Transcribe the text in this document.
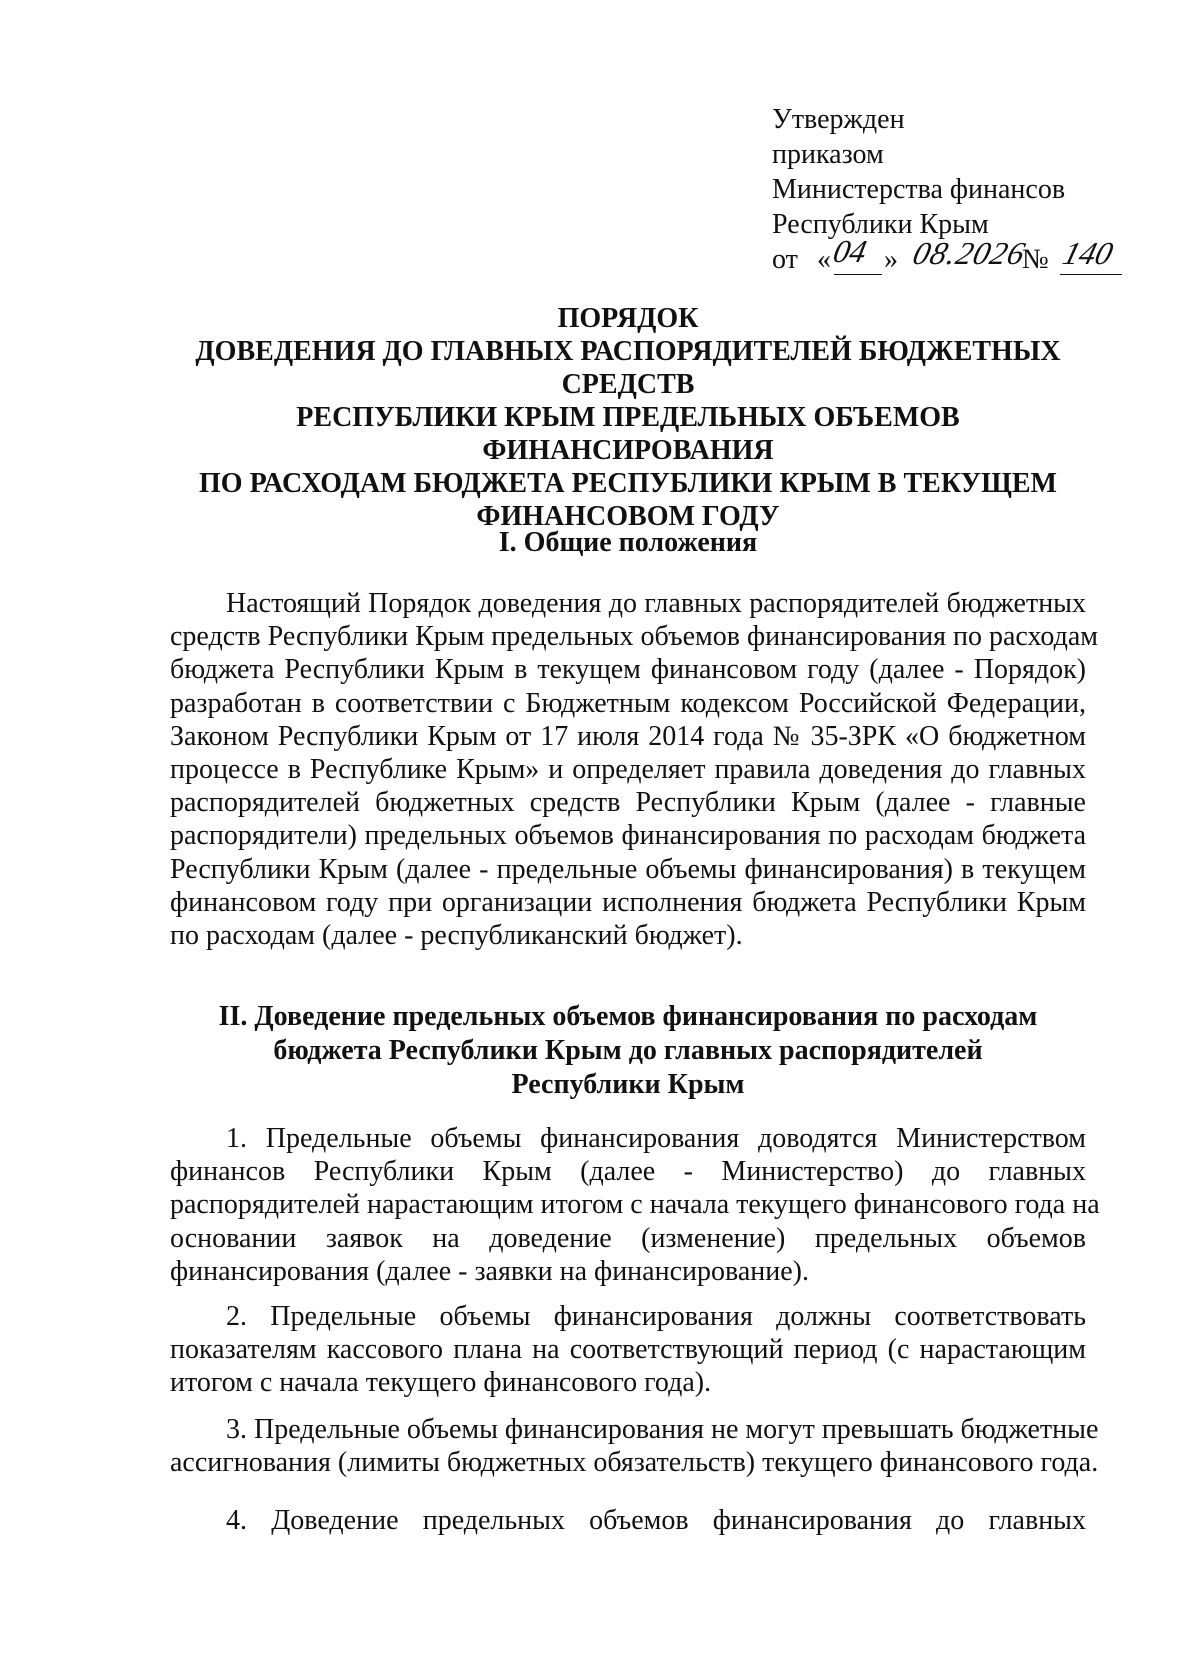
Утвержден
приказом
Министерства финансов
Республики Крым
от « 04 » 08.2026
№ 140
ПОРЯДОК
ДОВЕДЕНИЯ ДО ГЛАВНЫХ РАСПОРЯДИТЕЛЕЙ БЮДЖЕТНЫХ
СРЕДСТВ
РЕСПУБЛИКИ КРЫМ ПРЕДЕЛЬНЫХ ОБЪЕМОВ
ФИНАНСИРОВАНИЯ
ПО РАСХОДАМ БЮДЖЕТА РЕСПУБЛИКИ КРЫМ В ТЕКУЩЕМ
ФИНАНСОВОМ ГОДУ
I. Общие положения
Настоящий Порядок доведения до главных распорядителей бюджетных
средств Республики Крым предельных объемов финансирования по расходам
бюджета Республики Крым в текущем финансовом году (далее - Порядок)
разработан в соответствии с Бюджетным кодексом Российской Федерации,
Законом Республики Крым от 17 июля 2014 года № 35-ЗРК «О бюджетном
процессе в Республике Крым» и определяет правила доведения до главных
распорядителей бюджетных средств Республики Крым (далее - главные
распорядители) предельных объемов финансирования по расходам бюджета
Республики Крым (далее - предельные объемы финансирования) в текущем
финансовом году при организации исполнения бюджета Республики Крым
по расходам (далее - республиканский бюджет).
II. Доведение предельных объемов финансирования по расходам
бюджета Республики Крым до главных распорядителей
Республики Крым
1. Предельные объемы финансирования доводятся Министерством
финансов Республики Крым (далее - Министерство) до главных
распорядителей нарастающим итогом с начала текущего финансового года на
основании заявок на доведение (изменение) предельных объемов
финансирования (далее - заявки на финансирование).
2. Предельные объемы финансирования должны соответствовать
показателям кассового плана на соответствующий период (с нарастающим
итогом с начала текущего финансового года).
3. Предельные объемы финансирования не могут превышать бюджетные
ассигнования (лимиты бюджетных обязательств) текущего финансового года.
4. Доведение предельных объемов финансирования до главных
